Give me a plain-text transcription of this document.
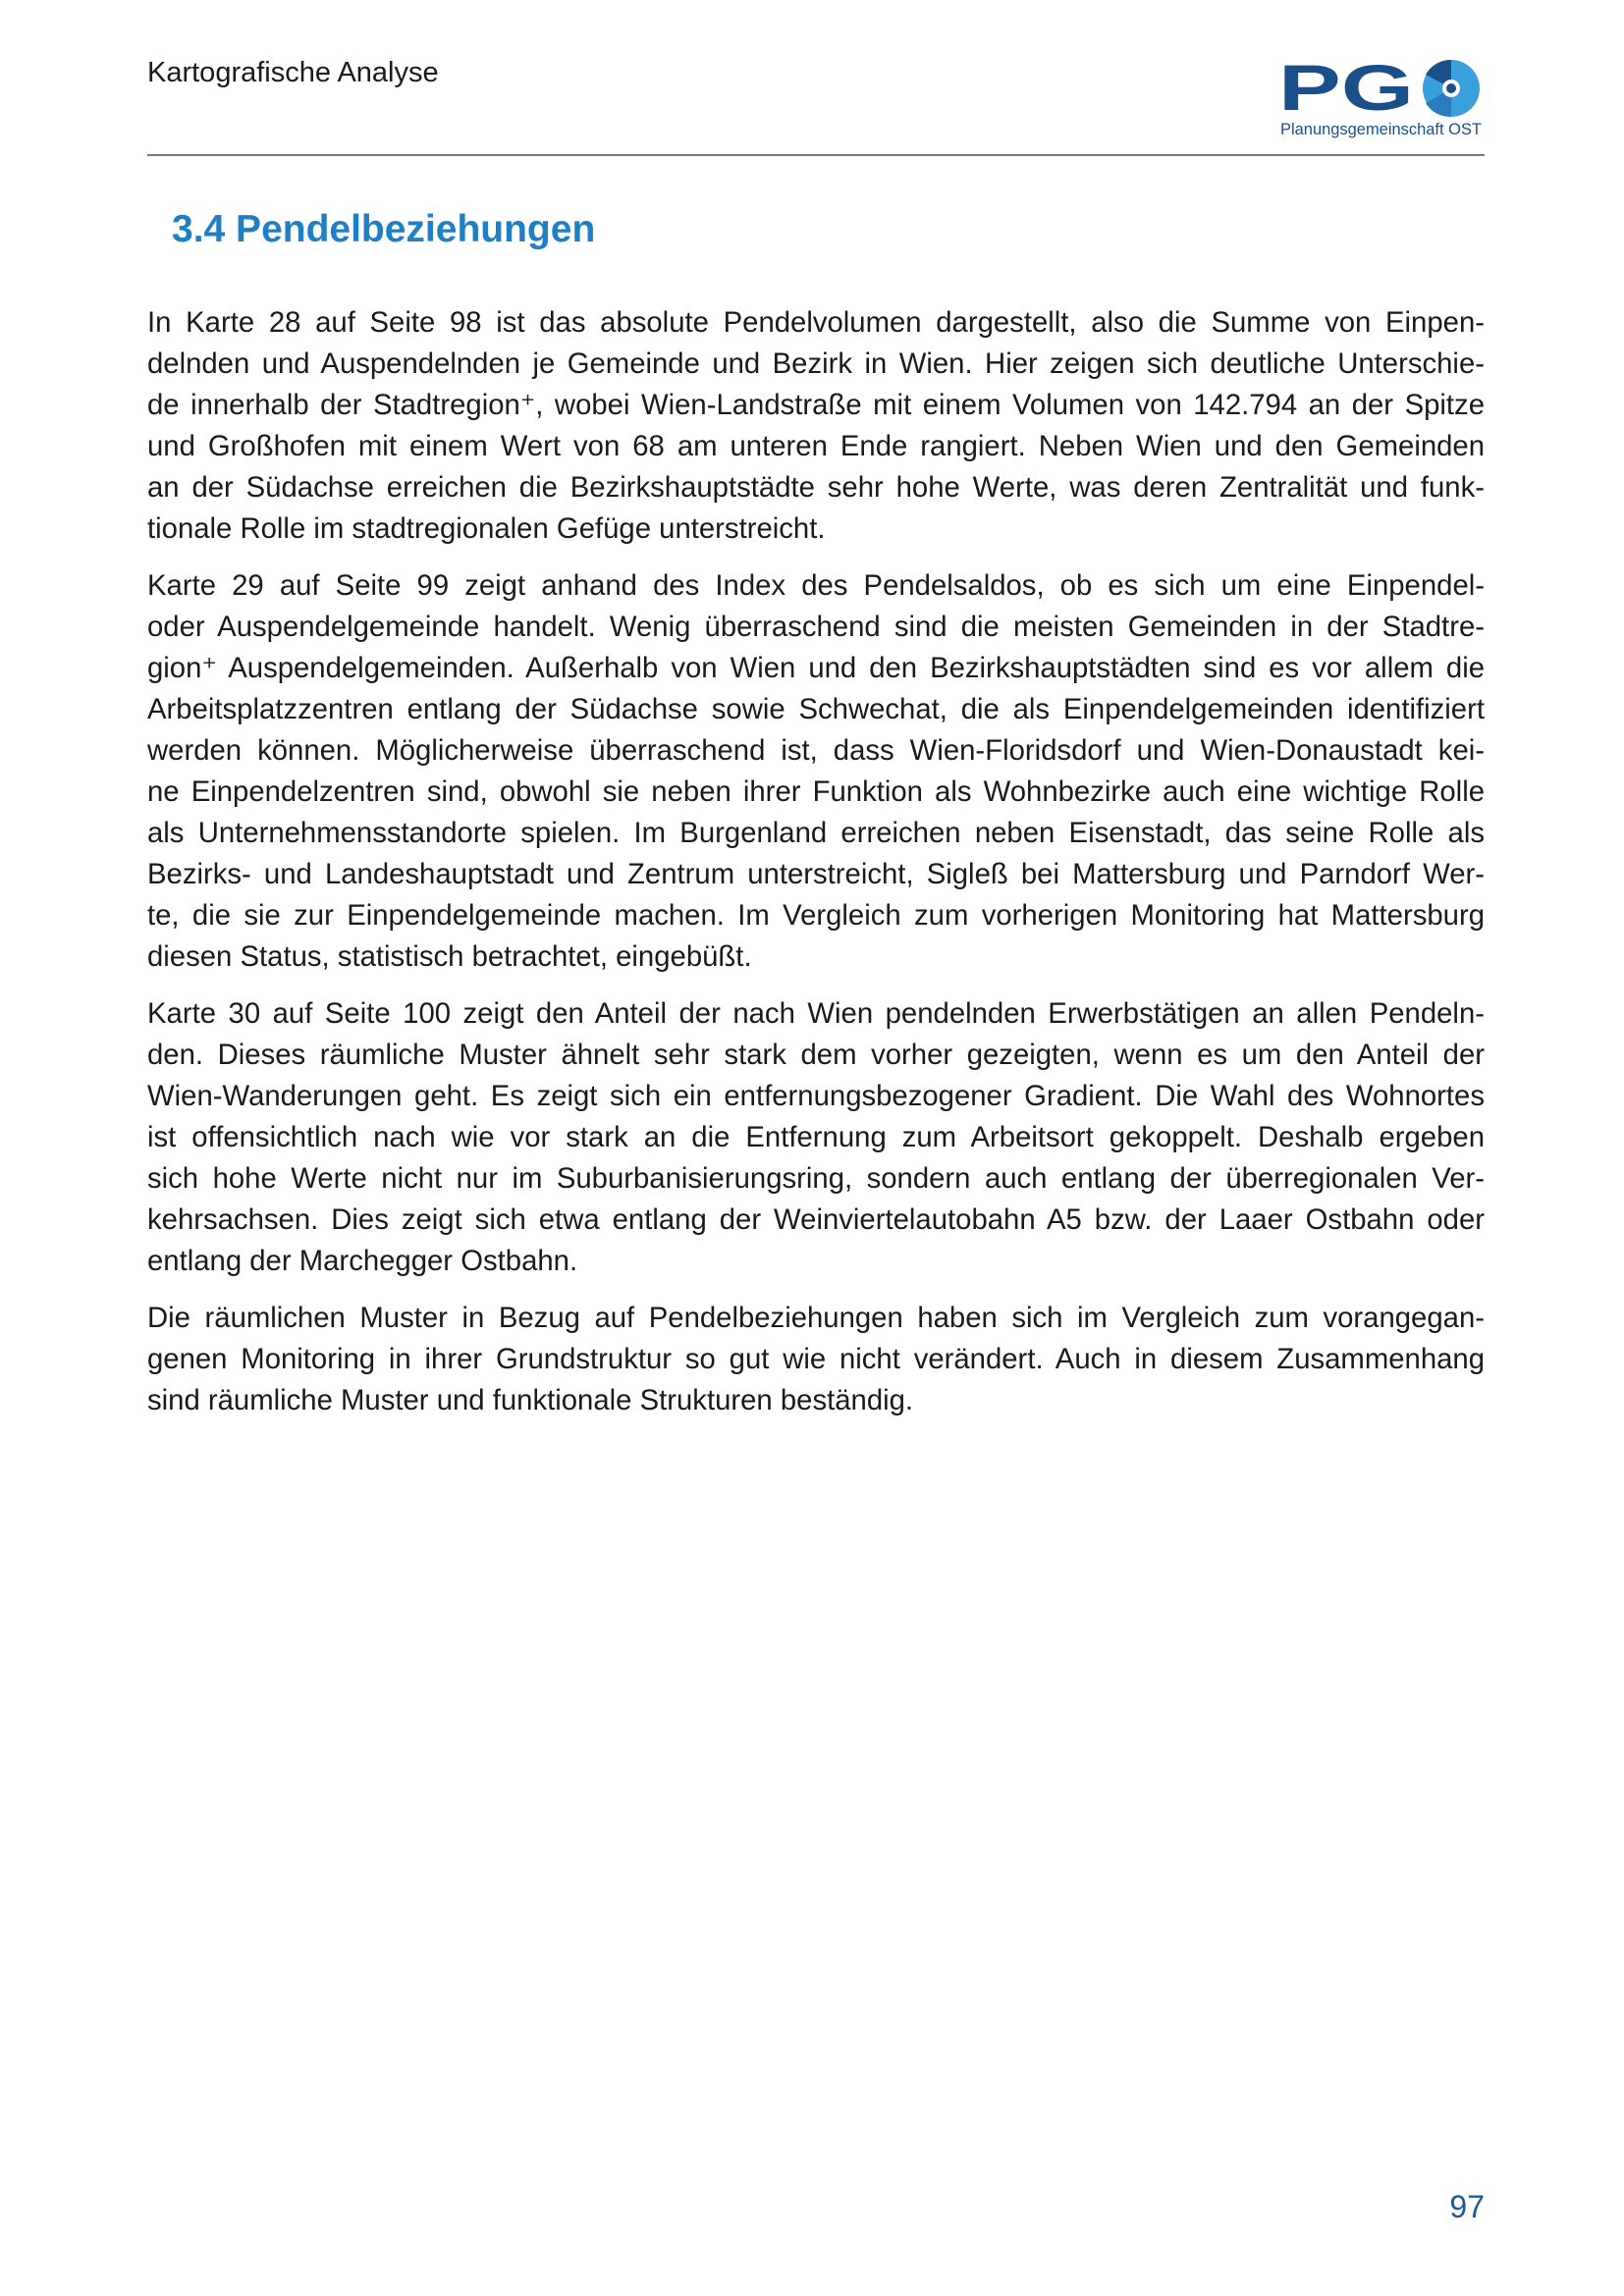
Kartografische Analyse	PG
Planungsgemeinschaft OST
3.4 Pendelbeziehungen
In Karte 28 auf Seite 98 ist das absolute Pendelvolumen dargestellt, also die Summe von Einpen-
delnden und Auspendelnden je Gemeinde und Bezirk in Wien. Hier zeigen sich deutliche Unterschie-
de innerhalb der Stadtregion⁺, wobei Wien-Landstraße mit einem Volumen von 142.794 an der Spitze
und Großhofen mit einem Wert von 68 am unteren Ende rangiert. Neben Wien und den Gemeinden
an der Südachse erreichen die Bezirkshauptstädte sehr hohe Werte, was deren Zentralität und funk-
tionale Rolle im stadtregionalen Gefüge unterstreicht.
Karte 29 auf Seite 99 zeigt anhand des Index des Pendelsaldos, ob es sich um eine Einpendel-
oder Auspendelgemeinde handelt. Wenig überraschend sind die meisten Gemeinden in der Stadtre-
gion⁺ Auspendelgemeinden. Außerhalb von Wien und den Bezirkshauptstädten sind es vor allem die
Arbeitsplatzzentren entlang der Südachse sowie Schwechat, die als Einpendelgemeinden identifiziert
werden können. Möglicherweise überraschend ist, dass Wien-Floridsdorf und Wien-Donaustadt kei-
ne Einpendelzentren sind, obwohl sie neben ihrer Funktion als Wohnbezirke auch eine wichtige Rolle
als Unternehmensstandorte spielen. Im Burgenland erreichen neben Eisenstadt, das seine Rolle als
Bezirks- und Landeshauptstadt und Zentrum unterstreicht, Sigleß bei Mattersburg und Parndorf Wer-
te, die sie zur Einpendelgemeinde machen. Im Vergleich zum vorherigen Monitoring hat Mattersburg
diesen Status, statistisch betrachtet, eingebüßt.
Karte 30 auf Seite 100 zeigt den Anteil der nach Wien pendelnden Erwerbstätigen an allen Pendeln-
den. Dieses räumliche Muster ähnelt sehr stark dem vorher gezeigten, wenn es um den Anteil der
Wien-Wanderungen geht. Es zeigt sich ein entfernungsbezogener Gradient. Die Wahl des Wohnortes
ist offensichtlich nach wie vor stark an die Entfernung zum Arbeitsort gekoppelt. Deshalb ergeben
sich hohe Werte nicht nur im Suburbanisierungsring, sondern auch entlang der überregionalen Ver-
kehrsachsen. Dies zeigt sich etwa entlang der Weinviertelautobahn A5 bzw. der Laaer Ostbahn oder
entlang der Marchegger Ostbahn.
Die räumlichen Muster in Bezug auf Pendelbeziehungen haben sich im Vergleich zum vorangegan-
genen Monitoring in ihrer Grundstruktur so gut wie nicht verändert. Auch in diesem Zusammenhang
sind räumliche Muster und funktionale Strukturen beständig.
97
